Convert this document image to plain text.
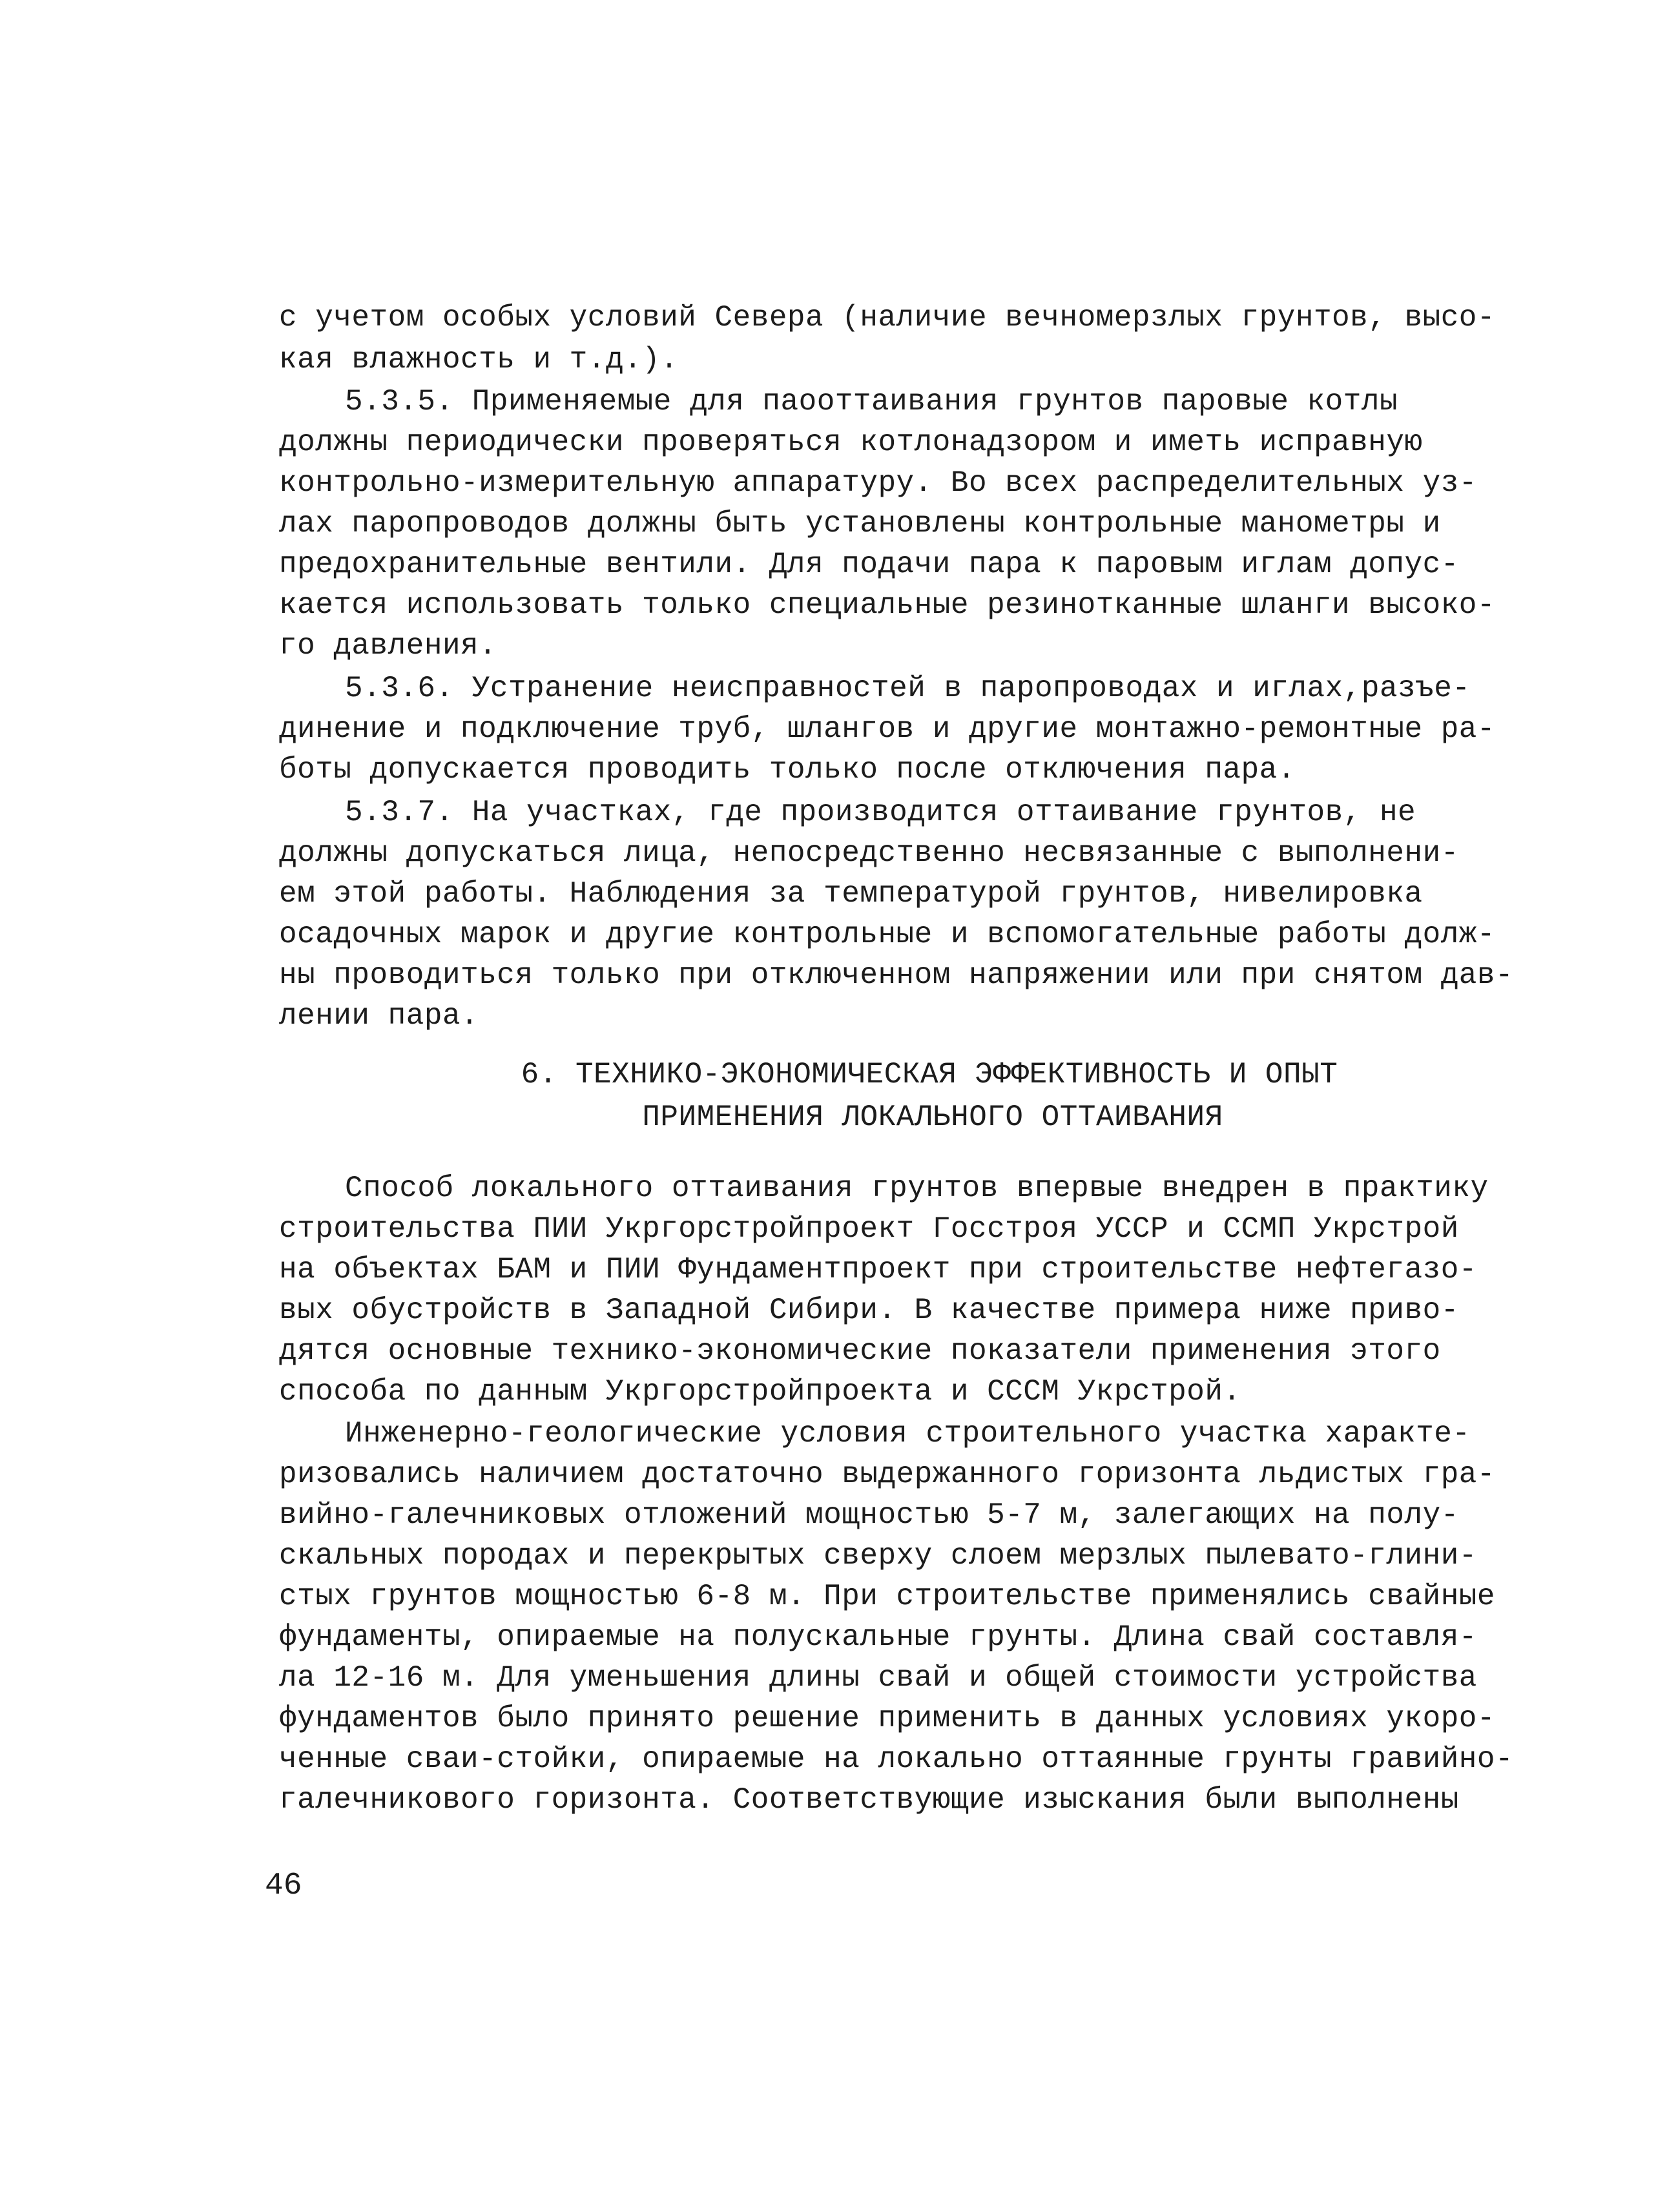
с учетом особых условий Севера (наличие вечномерзлых грунтов, высо-
кая влажность и т.д.).
5.3.5. Применяемые для паооттаивания грунтов паровые котлы
должны периодически проверяться котлонадзором и иметь исправную
контрольно-измерительную аппаратуру. Во всех распределительных уз-
лах паропроводов должны быть установлены контрольные манометры и
предохранительные вентили. Для подачи пара к паровым иглам допус-
кается использовать только специальные резинотканные шланги высоко-
го давления.
5.3.6. Устранение неисправностей в паропроводах и иглах,разъе-
динение и подключение труб, шлангов и другие монтажно-ремонтные ра-
боты допускается проводить только после отключения пара.
5.3.7. На участках, где производится оттаивание грунтов, не
должны допускаться лица, непосредственно несвязанные с выполнени-
ем этой работы. Наблюдения за температурой грунтов, нивелировка
осадочных марок и другие контрольные и вспомогательные работы долж-
ны проводиться только при отключенном напряжении или при снятом дав-
лении пара.
6. ТЕХНИКО-ЭКОНОМИЧЕСКАЯ ЭФФЕКТИВНОСТЬ И ОПЫТ
ПРИМЕНЕНИЯ ЛОКАЛЬНОГО ОТТАИВАНИЯ
Способ локального оттаивания грунтов впервые внедрен в практику
строительства ПИИ Укргорстройпроект Госстроя УССР и ССМП Укрстрой
на объектах БАМ и ПИИ Фундаментпроект при строительстве нефтегазо-
вых обустройств в Западной Сибири. В качестве примера ниже приво-
дятся основные технико-экономические показатели применения этого
способа по данным Укргорстройпроекта и СССМ Укрстрой.
Инженерно-геологические условия строительного участка характе-
ризовались наличием достаточно выдержанного горизонта льдистых гра-
вийно-галечниковых отложений мощностью 5-7 м, залегающих на полу-
скальных породах и перекрытых сверху слоем мерзлых пылевато-глини-
стых грунтов мощностью 6-8 м. При строительстве применялись свайные
фундаменты, опираемые на полускальные грунты. Длина свай составля-
ла 12-16 м. Для уменьшения длины свай и общей стоимости устройства
фундаментов было принято решение применить в данных условиях укоро-
ченные сваи-стойки, опираемые на локально оттаянные грунты гравийно-
галечникового горизонта. Соответствующие изыскания были выполнены
46
